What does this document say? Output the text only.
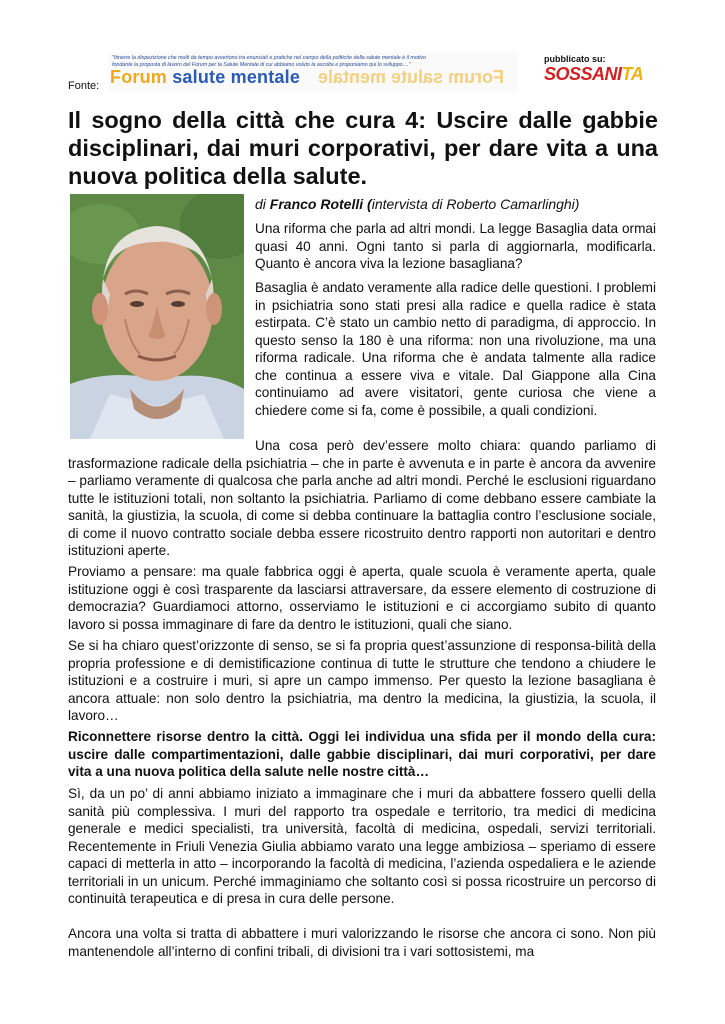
Fonte:
"Itinerre la dispezizione che molti da tempo avvertono tra enunciati e pratiche nel campo della politiche della salute mentale è il motivo
fondante la proposta di lavoro del Forum per la Salute Mentale di cui abbiamo voluto la ascolta e proponiamo qui lo sviluppo...."
Forum salute mentale Forum salute mentale
pubblicato su:
SOSSANITA
Il sogno della città che cura 4: Uscire dalle gabbie disciplinari, dai muri corporativi, per dare vita a una nuova politica della salute.
di Franco Rotelli (intervista di Roberto Camarlinghi)

Una riforma che parla ad altri mondi. La legge Basaglia data ormai quasi 40 anni. Ogni tanto si parla di aggiornarla, modificarla. Quanto è ancora viva la lezione basagliana?

Basaglia è andato veramente alla radice delle questioni. I problemi in psichiatria sono stati presi alla radice e quella radice è stata estirpata. C’è stato un cambio netto di paradigma, di approccio. In questo senso la 180 è una riforma: non una rivoluzione, ma una riforma radicale. Una riforma che è andata talmente alla radice che continua a essere viva e vitale. Dal Giappone alla Cina continuiamo ad avere visitatori, gente curiosa che viene a chiedere come si fa, come è possibile, a quali condizioni.

Una cosa però dev’essere molto chiara: quando parliamo di trasformazione radicale della psichiatria – che in parte è avvenuta e in parte è ancora da avvenire – parliamo veramente di qualcosa che parla anche ad altri mondi. Perché le esclusioni riguardano tutte le istituzioni totali, non soltanto la psichiatria. Parliamo di come debbano essere cambiate la sanità, la giustizia, la scuola, di come si debba continuare la battaglia contro l’esclusione sociale, di come il nuovo contratto sociale debba essere ricostruito dentro rapporti non autoritari e dentro istituzioni aperte.

Proviamo a pensare: ma quale fabbrica oggi è aperta, quale scuola è veramente aperta, quale istituzione oggi è così trasparente da lasciarsi attraversare, da essere elemento di costruzione di democrazia? Guardiamoci attorno, osserviamo le istituzioni e ci accorgiamo subito di quanto lavoro si possa immaginare di fare da dentro le istituzioni, quali che siano.

Se si ha chiaro quest’orizzonte di senso, se si fa propria quest’assunzione di responsa-bilità della propria professione e di demistificazione continua di tutte le strutture che tendono a chiudere le istituzioni e a costruire i muri, si apre un campo immenso. Per questo la lezione basagliana è ancora attuale: non solo dentro la psichiatria, ma dentro la medicina, la giustizia, la scuola, il lavoro…

Riconnettere risorse dentro la città. Oggi lei individua una sfida per il mondo della cura: uscire dalle compartimentazioni, dalle gabbie disciplinari, dai muri corporativi, per dare vita a una nuova politica della salute nelle nostre città…

Sì, da un po’ di anni abbiamo iniziato a immaginare che i muri da abbattere fossero quelli della sanità più complessiva. I muri del rapporto tra ospedale e territorio, tra medici di medicina generale e medici specialisti, tra università, facoltà di medicina, ospedali, servizi territoriali. Recentemente in Friuli Venezia Giulia abbiamo varato una legge ambiziosa – speriamo di essere capaci di metterla in atto – incorporando la facoltà di medicina, l’azienda ospedaliera e le aziende territoriali in un unicum. Perché immaginiamo che soltanto così si possa ricostruire un percorso di continuità terapeutica e di presa in cura delle persone.

Ancora una volta si tratta di abbattere i muri valorizzando le risorse che ancora ci sono. Non più mantenendole all’interno di confini tribali, di divisioni tra i vari sottosistemi, ma
